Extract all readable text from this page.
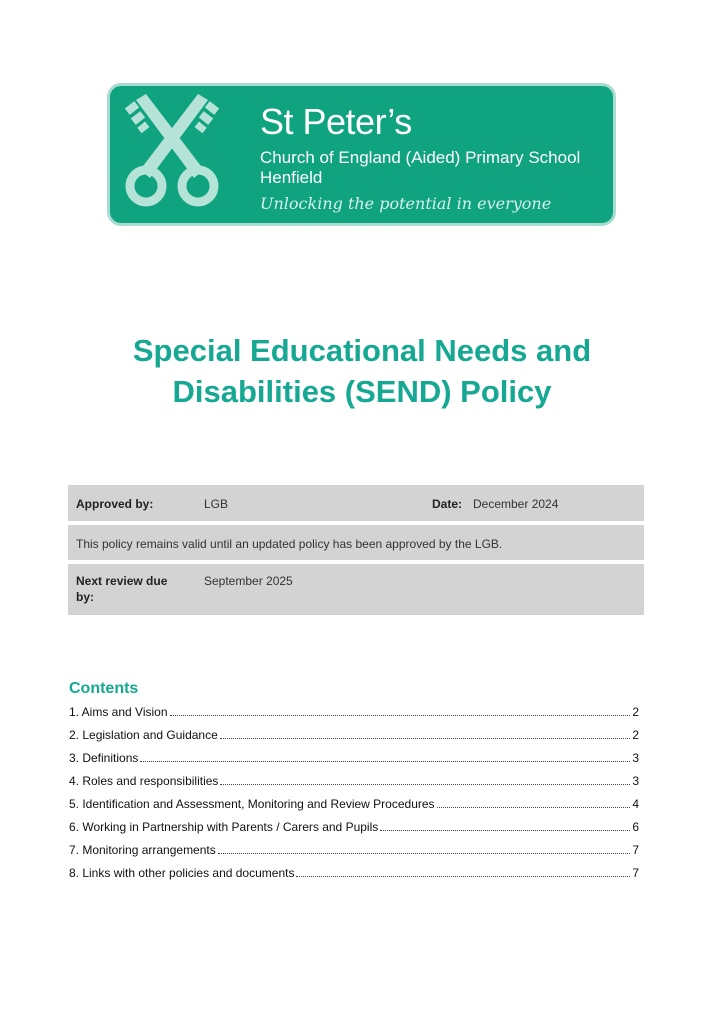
St Peter’s
Church of England (Aided) Primary School
Henfield
Unlocking the potential in everyone
Special Educational Needs and
Disabilities (SEND) Policy
Approved by:	LGB	Date: December 2024
This policy remains valid until an updated policy has been approved by the LGB.
Next review due
by:
September 2025
Contents
1. Aims and Vision	2
2. Legislation and Guidance	2
3. Definitions	3
4. Roles and responsibilities	3
5. Identification and Assessment, Monitoring and Review Procedures	4
6. Working in Partnership with Parents / Carers and Pupils	6
7. Monitoring arrangements	7
8. Links with other policies and documents	7
